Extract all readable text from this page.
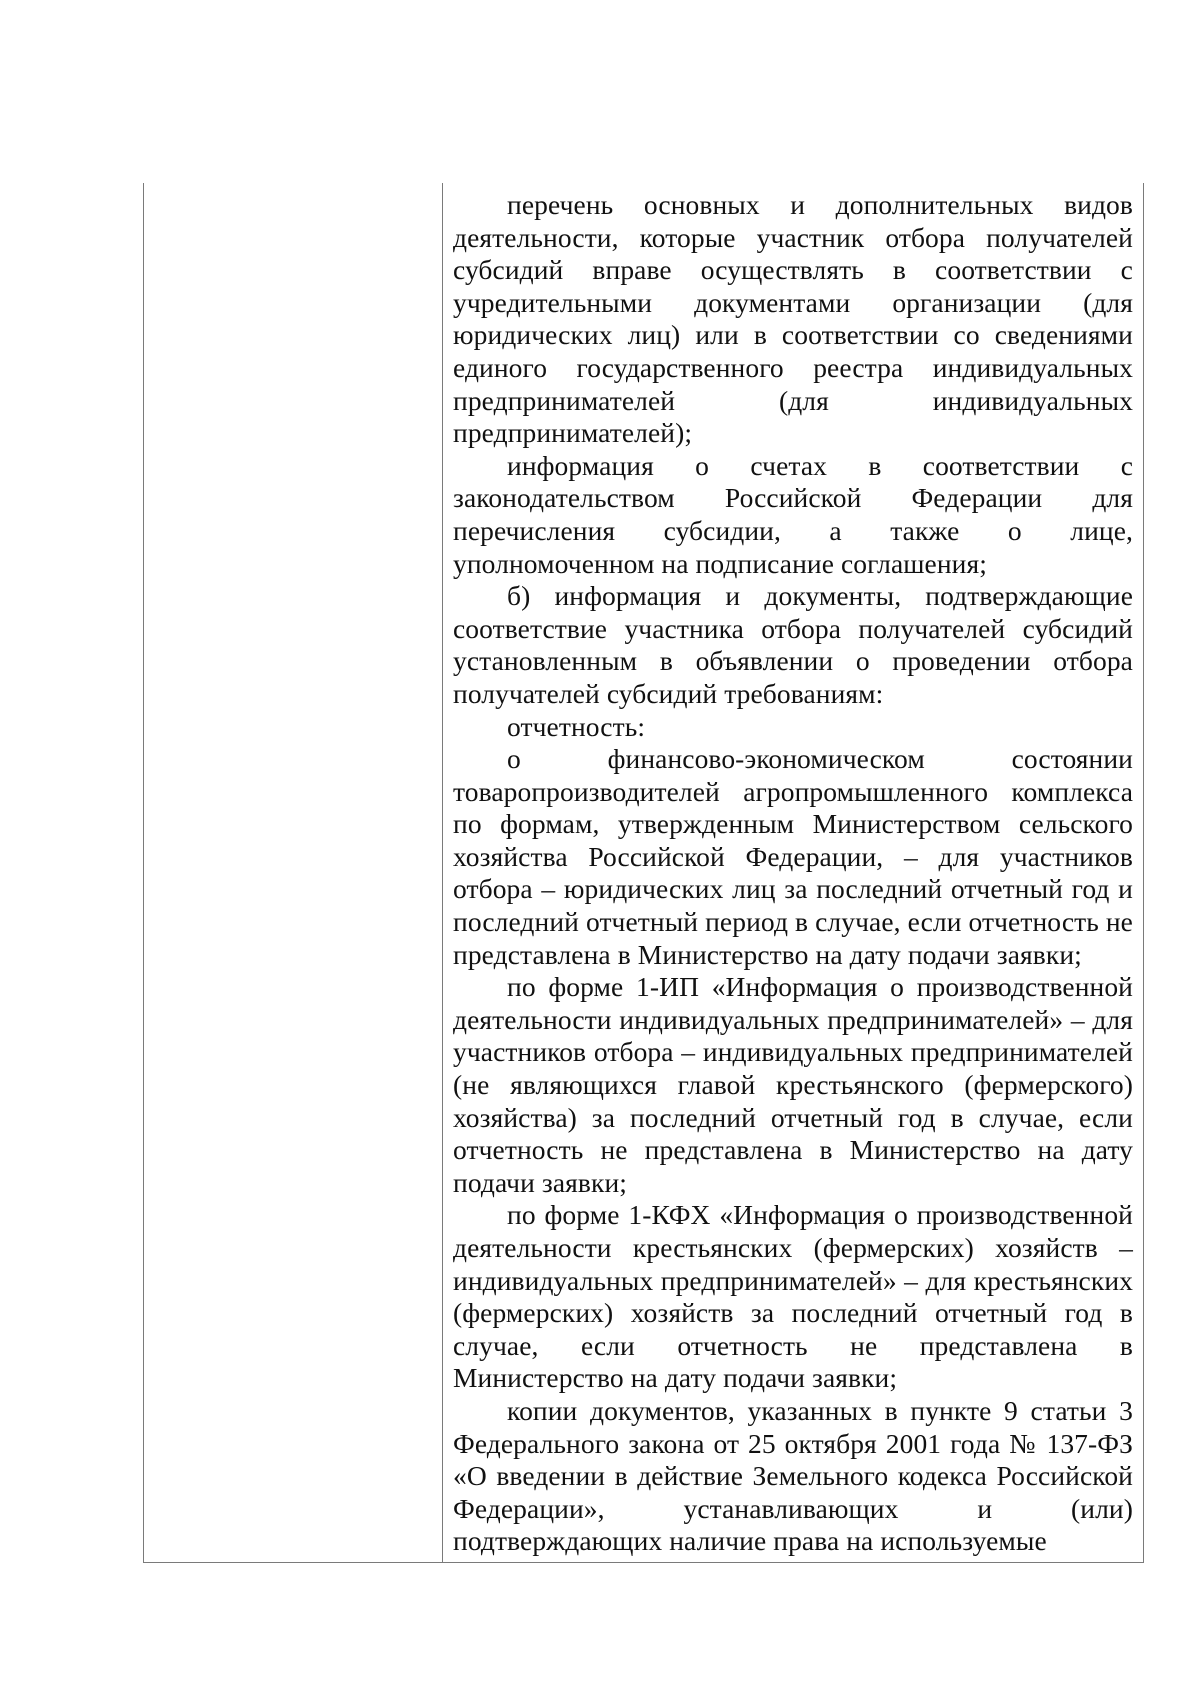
перечень основных и дополнительных видов деятельности, которые участник отбора получателей субсидий вправе осуществлять в соответствии с учредительными документами организации (для юридических лиц) или в соответствии со сведениями единого государственного реестра индивидуальных предпринимателей (для индивидуальных предпринимателей);

информация о счетах в соответствии с законодательством Российской Федерации для перечисления субсидии, а также о лице, уполномоченном на подписание соглашения;

б) информация и документы, подтверждающие соответствие участника отбора получателей субсидий установленным в объявлении о проведении отбора получателей субсидий требованиям:

отчетность:

о финансово-экономическом состоянии товаропроизводителей агропромышленного комплекса по формам, утвержденным Министерством сельского хозяйства Российской Федерации, – для участников отбора – юридических лиц за последний отчетный год и последний отчетный период в случае, если отчетность не представлена в Министерство на дату подачи заявки;

по форме 1-ИП «Информация о производственной деятельности индивидуальных предпринимателей» – для участников отбора – индивидуальных предпринимателей (не являющихся главой крестьянского (фермерского) хозяйства) за последний отчетный год в случае, если отчетность не представлена в Министерство на дату подачи заявки;

по форме 1-КФХ «Информация о производственной деятельности крестьянских (фермерских) хозяйств – индивидуальных предпринимателей» – для крестьянских (фермерских) хозяйств за последний отчетный год в случае, если отчетность не представлена в Министерство на дату подачи заявки;

копии документов, указанных в пункте 9 статьи 3 Федерального закона от 25 октября 2001 года № 137-ФЗ «О введении в действие Земельного кодекса Российской Федерации», устанавливающих и (или) подтверждающих наличие права на используемые
